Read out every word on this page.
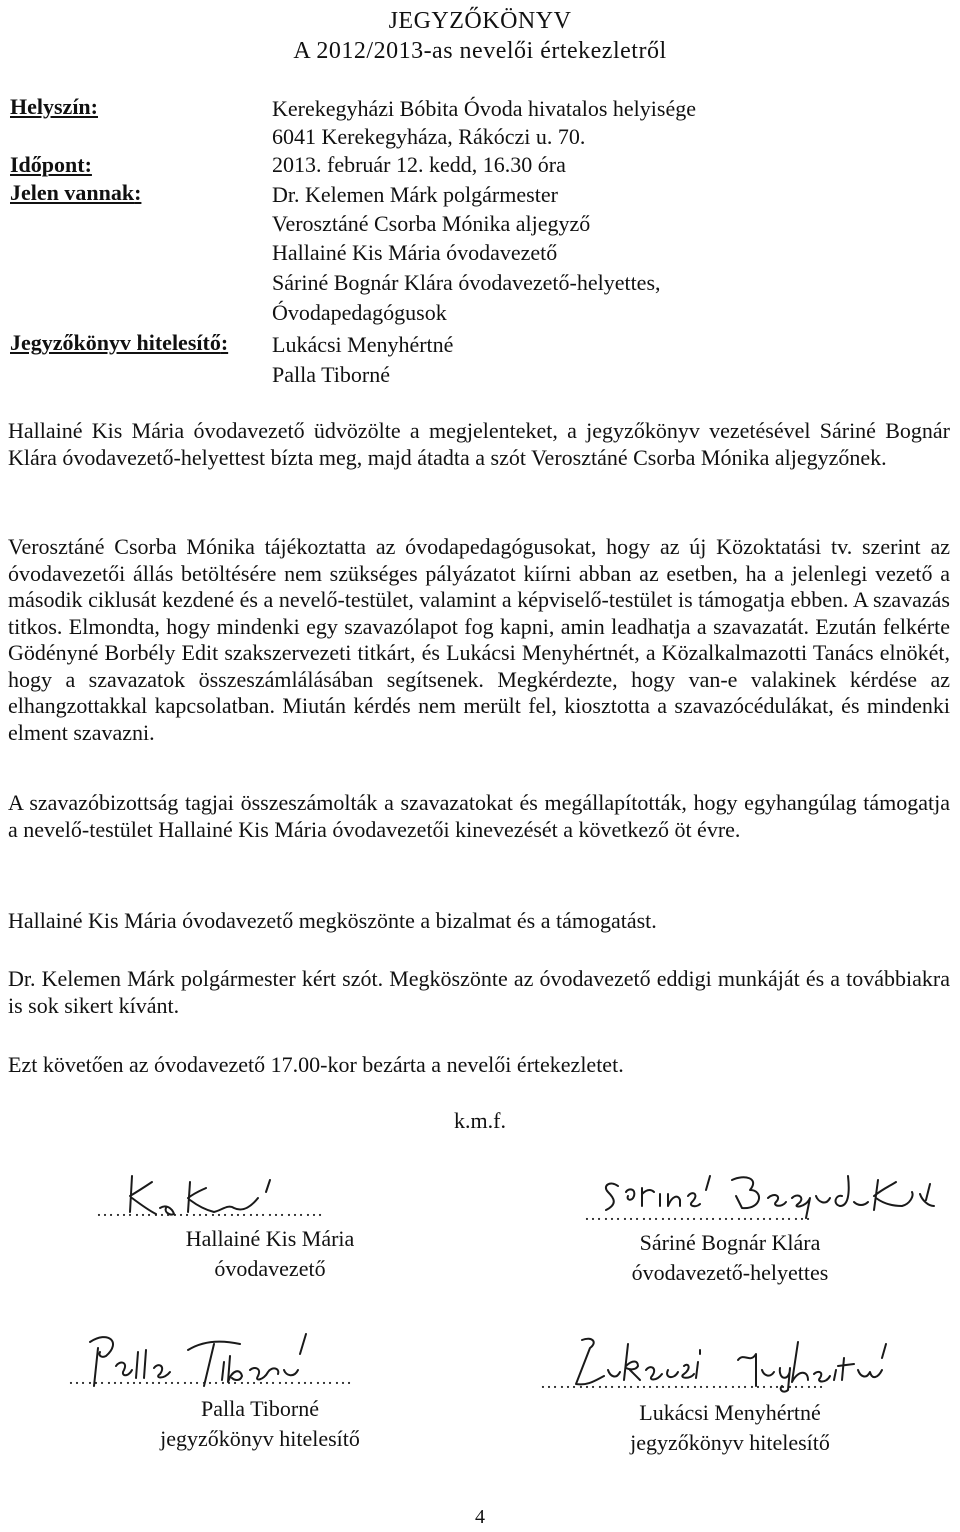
JEGYZŐKÖNYV
A 2012/2013-as nevelői értekezletről
Helyszín:	Kerekegyházi Bóbita Óvoda hivatalos helyisége
6041 Kerekegyháza, Rákóczi u. 70.
Időpont:	2013. február 12. kedd, 16.30 óra
Jelen vannak:	Dr. Kelemen Márk polgármester
Verosztáné Csorba Mónika aljegyző
Hallainé Kis Mária óvodavezető
Sáriné Bognár Klára óvodavezető-helyettes,
Óvodapedagógusok
Jegyzőkönyv hitelesítő: Lukácsi Menyhértné
Palla Tiborné

Hallainé Kis Mária óvodavezető üdvözölte a megjelenteket, a jegyzőkönyv vezetésével Sáriné Bognár Klára óvodavezető-helyettest bízta meg, majd átadta a szót Verosztáné Csorba Mónika aljegyzőnek.

Verosztáné Csorba Mónika tájékoztatta az óvodapedagógusokat, hogy az új Közoktatási tv. szerint az óvodavezetői állás betöltésére nem szükséges pályázatot kiírni abban az esetben, ha a jelenlegi vezető a második ciklusát kezdené és a nevelő-testület, valamint a képviselő-testület is támogatja ebben. A szavazás titkos. Elmondta, hogy mindenki egy szavazólapot fog kapni, amin leadhatja a szavazatát. Ezután felkérte Gödényné Borbély Edit szakszervezeti titkárt, és Lukácsi Menyhértnét, a Közalkalmazotti Tanács elnökét, hogy a szavazatok összeszámlálásában segítsenek. Megkérdezte, hogy van-e valakinek kérdése az elhangzottakkal kapcsolatban. Miután kérdés nem merült fel, kiosztotta a szavazócédulákat, és mindenki elment szavazni.

A szavazóbizottság tagjai összeszámolták a szavazatokat és megállapították, hogy egyhangúlag támogatja a nevelő-testület Hallainé Kis Mária óvodavezetői kinevezését a következő öt évre.

Hallainé Kis Mária óvodavezető megköszönte a bizalmat és a támogatást.

Dr. Kelemen Márk polgármester kért szót. Megköszönte az óvodavezető eddigi munkáját és a továbbiakra is sok sikert kívánt.

Ezt követően az óvodavezető 17.00-kor bezárta a nevelői értekezletet.

k.m.f.
………………………………
Hallainé Kis Mária
óvodavezető
………………………………
Sáriné Bognár Klára
óvodavezető-helyettes
………………………………………
Palla Tiborné
jegyzőkönyv hitelesítő
………………………………………
Lukácsi Menyhértné
jegyzőkönyv hitelesítő
4
